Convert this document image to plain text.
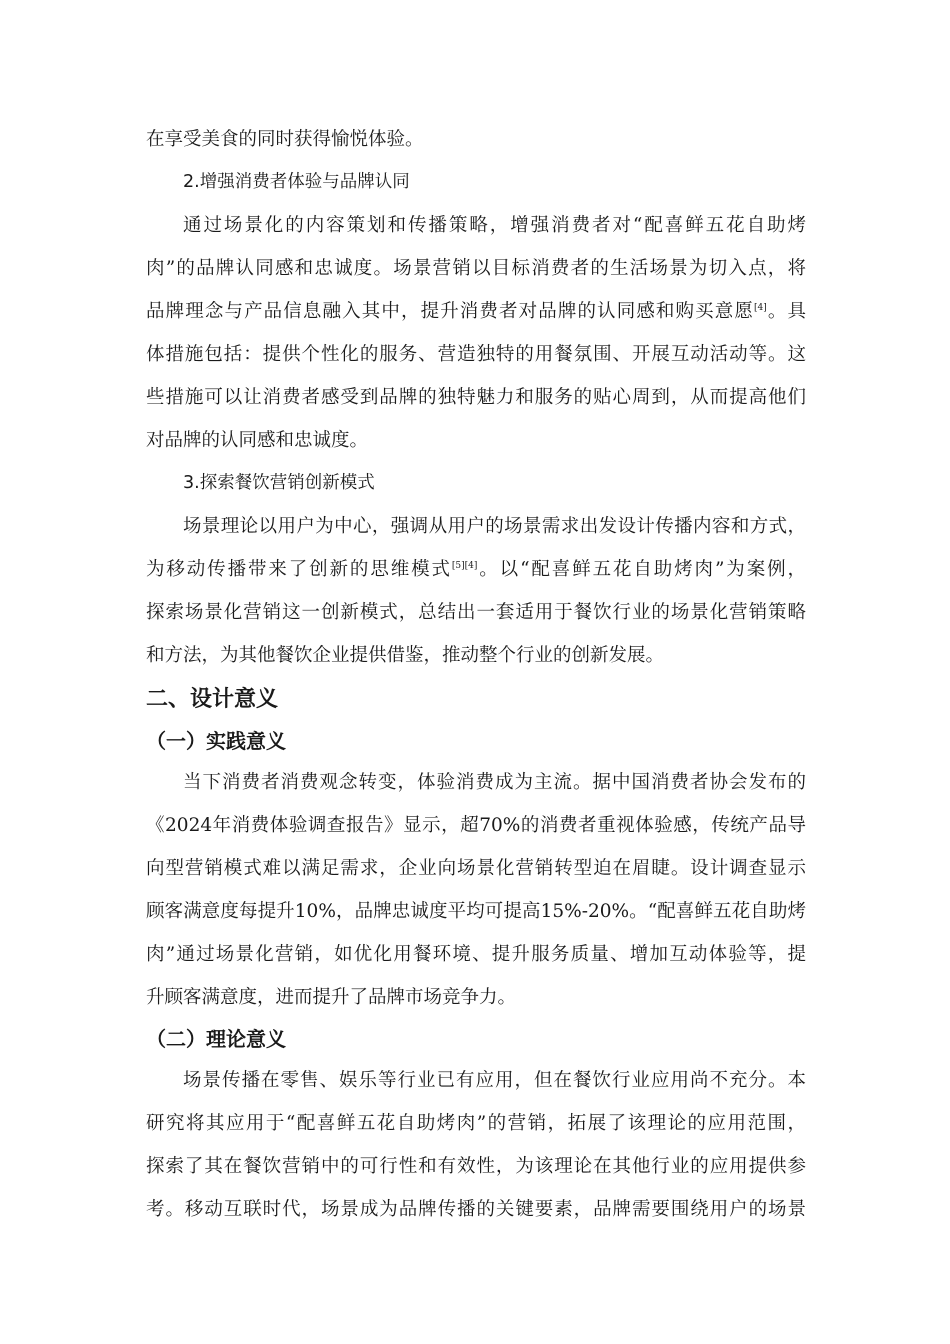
在享受美食的同时获得愉悦体验。
2.增强消费者体验与品牌认同
通过场景化的内容策划和传播策略，增强消费者对“配喜鲜五花自助烤
肉”的品牌认同感和忠诚度。场景营销以目标消费者的生活场景为切入点，将
品牌理念与产品信息融入其中，提升消费者对品牌的认同感和购买意愿[4]。具
体措施包括：提供个性化的服务、营造独特的用餐氛围、开展互动活动等。这
些措施可以让消费者感受到品牌的独特魅力和服务的贴心周到，从而提高他们
对品牌的认同感和忠诚度。
3.探索餐饮营销创新模式
场景理论以用户为中心，强调从用户的场景需求出发设计传播内容和方式，
为移动传播带来了创新的思维模式[5][4]。以“配喜鲜五花自助烤肉”为案例，
探索场景化营销这一创新模式，总结出一套适用于餐饮行业的场景化营销策略
和方法，为其他餐饮企业提供借鉴，推动整个行业的创新发展。
二、设计意义
（一）实践意义
当下消费者消费观念转变，体验消费成为主流。据中国消费者协会发布的
《2024年消费体验调查报告》显示，超70%的消费者重视体验感，传统产品导
向型营销模式难以满足需求，企业向场景化营销转型迫在眉睫。设计调查显示
顾客满意度每提升10%，品牌忠诚度平均可提高15%-20%。“配喜鲜五花自助烤
肉”通过场景化营销，如优化用餐环境、提升服务质量、增加互动体验等，提
升顾客满意度，进而提升了品牌市场竞争力。
（二）理论意义
场景传播在零售、娱乐等行业已有应用，但在餐饮行业应用尚不充分。本
研究将其应用于“配喜鲜五花自助烤肉”的营销，拓展了该理论的应用范围，
探索了其在餐饮营销中的可行性和有效性，为该理论在其他行业的应用提供参
考。移动互联时代，场景成为品牌传播的关键要素，品牌需要围绕用户的场景
